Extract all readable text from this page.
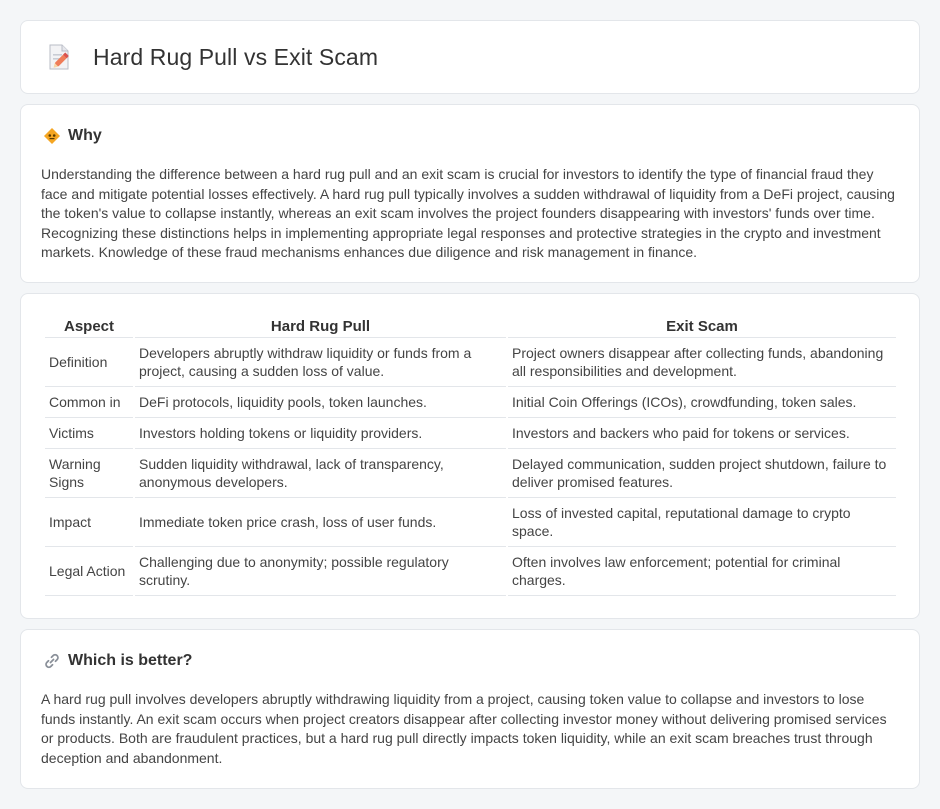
Hard Rug Pull vs Exit Scam
Why

Understanding the difference between a hard rug pull and an exit scam is crucial for investors to identify the type of financial fraud they face and mitigate potential losses effectively. A hard rug pull typically involves a sudden withdrawal of liquidity from a DeFi project, causing the token's value to collapse instantly, whereas an exit scam involves the project founders disappearing with investors' funds over time. Recognizing these distinctions helps in implementing appropriate legal responses and protective strategies in the crypto and investment markets. Knowledge of these fraud mechanisms enhances due diligence and risk management in finance.

Aspect	Hard Rug Pull	Exit Scam
Definition	Developers abruptly withdraw liquidity or funds from a project, causing a sudden loss of value.	Project owners disappear after collecting funds, abandoning all responsibilities and development.
Common in	DeFi protocols, liquidity pools, token launches.	Initial Coin Offerings (ICOs), crowdfunding, token sales.
Victims	Investors holding tokens or liquidity providers.	Investors and backers who paid for tokens or services.
Warning Signs	Sudden liquidity withdrawal, lack of transparency, anonymous developers.	Delayed communication, sudden project shutdown, failure to deliver promised features.
Impact	Immediate token price crash, loss of user funds.	Loss of invested capital, reputational damage to crypto space.
Legal Action	Challenging due to anonymity; possible regulatory scrutiny.	Often involves law enforcement; potential for criminal charges.
Which is better?

A hard rug pull involves developers abruptly withdrawing liquidity from a project, causing token value to collapse and investors to lose funds instantly. An exit scam occurs when project creators disappear after collecting investor money without delivering promised services or products. Both are fraudulent practices, but a hard rug pull directly impacts token liquidity, while an exit scam breaches trust through deception and abandonment.
